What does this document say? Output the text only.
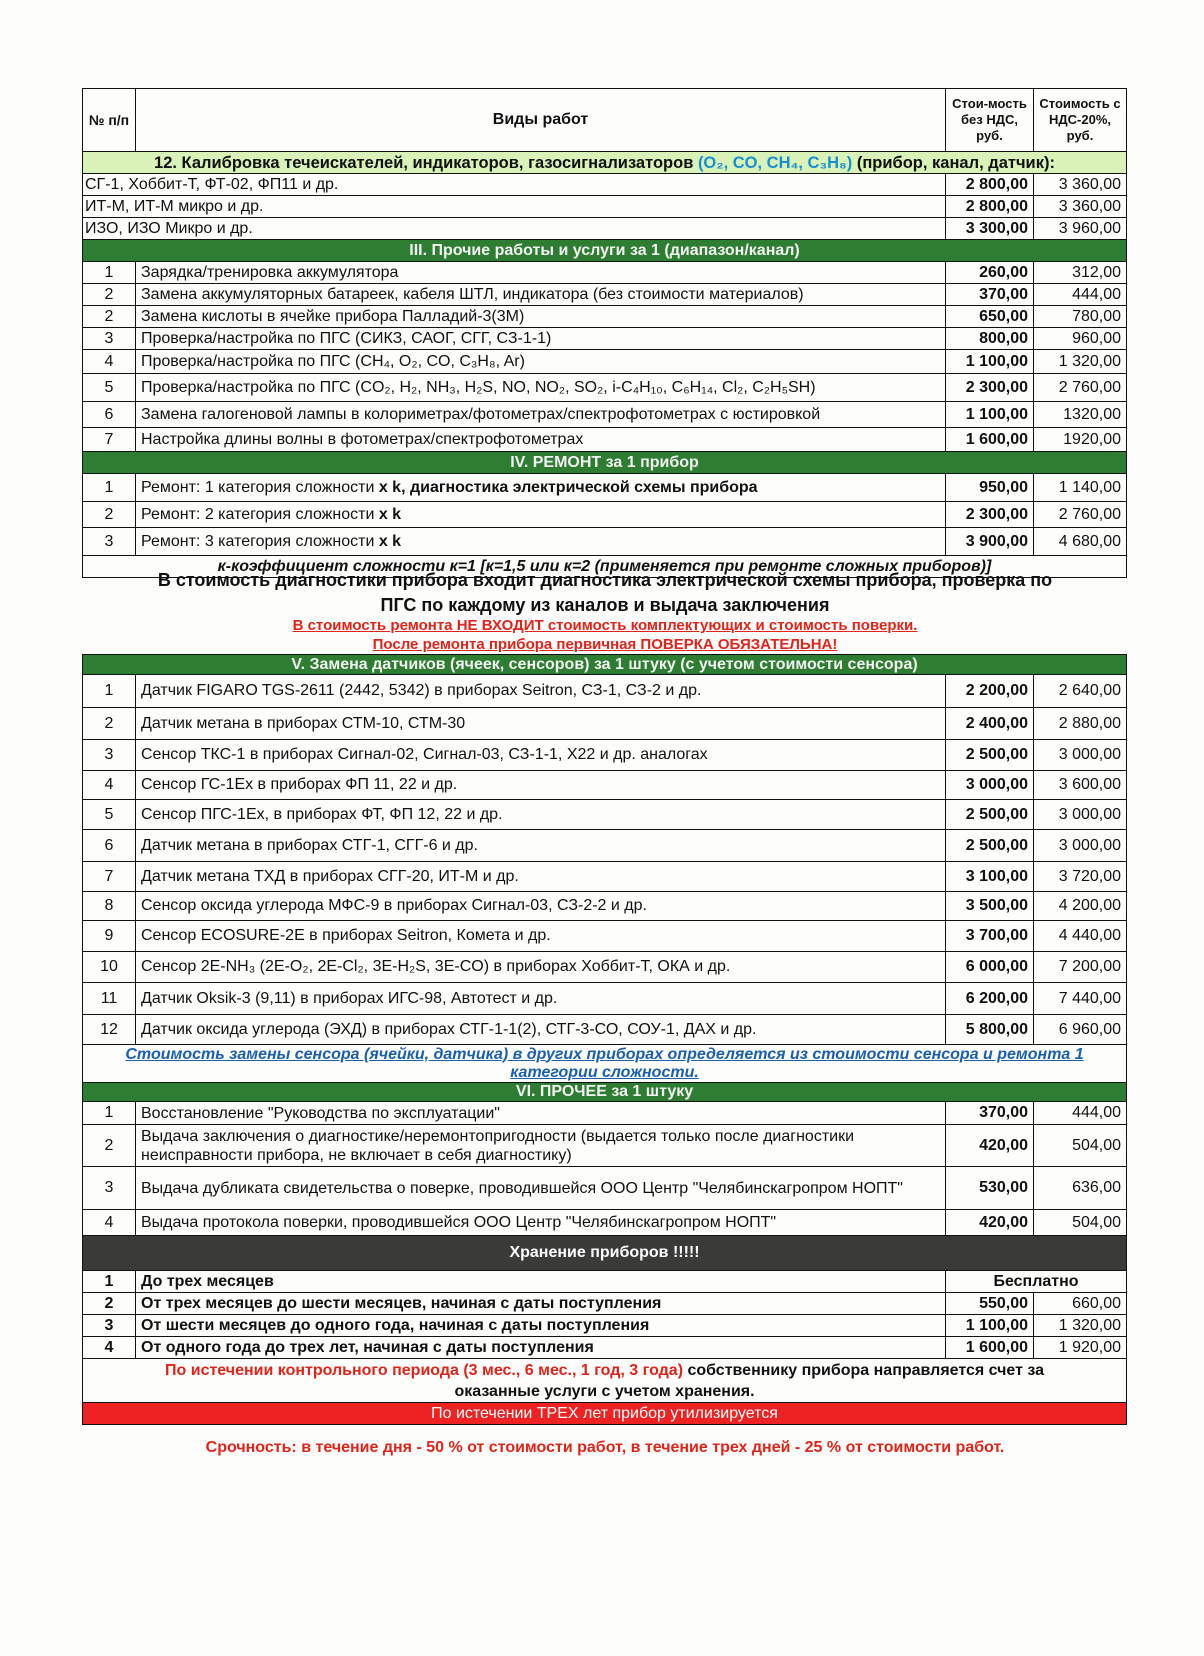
№ п/п	Виды работ	Стои-мость без НДС, руб.	Стоимость с НДС-20%, руб.
12. Калибровка течеискателей, индикаторов, газосигнализаторов (O₂, CO, CH₄, C₃H₈) (прибор, канал, датчик):			
СГ-1, Хоббит-Т, ФТ-02, ФП11 и др.		2 800,00	3 360,00
ИТ-М, ИТ-М микро и др.		2 800,00	3 360,00
ИЗО, ИЗО Микро и др.		3 300,00	3 960,00
III. Прочие работы и услуги за 1 (диапазон/канал)			
1	Зарядка/тренировка аккумулятора	260,00	312,00
2	Замена аккумуляторных батареек, кабеля ШТЛ, индикатора (без стоимости материалов)	370,00	444,00
2	Замена кислоты в ячейке прибора Палладий-3(3М)	650,00	780,00
3	Проверка/настройка по ПГС (СИКЗ, САОГ, СГГ, СЗ-1-1)	800,00	960,00
4	Проверка/настройка по ПГС (CH₄, O₂, CO, C₃H₈, Ar)	1 100,00	1 320,00
5	Проверка/настройка по ПГС (CO₂, H₂, NH₃, H₂S, NO, NO₂, SO₂, i-C₄H₁₀, C₆H₁₄, Cl₂, C₂H₅SH)	2 300,00	2 760,00
6	Замена галогеновой лампы в колориметрах/фотометрах/спектрофотометрах с юстировкой	1 100,00	1320,00
7	Настройка длины волны в фотометрах/спектрофотометрах	1 600,00	1920,00
IV. РЕМОНТ за 1 прибор			
1	Ремонт: 1 категория сложности x k, диагностика электрической схемы прибора	950,00	1 140,00
2	Ремонт: 2 категория сложности x k	2 300,00	2 760,00
3	Ремонт: 3 категория сложности x k	3 900,00	4 680,00
к-коэффициент сложности к=1 [к=1,5 или к=2 (применяется при ремонте сложных приборов)]			
В стоимость диагностики прибора входит диагностика электрической схемы прибора, проверка по
ПГС по каждому из каналов и выдача заключения
В стоимость ремонта НЕ ВХОДИТ стоимость комплектующих и стоимость поверки.
После ремонта прибора первичная ПОВЕРКА ОБЯЗАТЕЛЬНА!
V. Замена датчиков (ячеек, сенсоров) за 1 штуку (с учетом стоимости сенсора)			
1	Датчик FIGARO TGS-2611 (2442, 5342) в приборах Seitron, СЗ-1, СЗ-2 и др.	2 200,00	2 640,00
2	Датчик метана в приборах СТМ-10, СТМ-30	2 400,00	2 880,00
3	Сенсор ТКС-1 в приборах Сигнал-02, Сигнал-03, СЗ-1-1, Х22 и др. аналогах	2 500,00	3 000,00
4	Сенсор ГС-1Ех в приборах ФП 11, 22 и др.	3 000,00	3 600,00
5	Сенсор ПГС-1Ех, в приборах ФТ, ФП 12, 22 и др.	2 500,00	3 000,00
6	Датчик метана в приборах СТГ-1, СГГ-6 и др.	2 500,00	3 000,00
7	Датчик метана ТХД в приборах СГГ-20, ИТ-М и др.	3 100,00	3 720,00
8	Сенсор оксида углерода МФС-9 в приборах Сигнал-03, СЗ-2-2 и др.	3 500,00	4 200,00
9	Сенсор ECOSURE-2E в приборах Seitron, Комета и др.	3 700,00	4 440,00
10	Сенсор 2E-NH₃ (2E-O₂, 2E-Cl₂, 3E-H₂S, 3E-CO) в приборах Хоббит-Т, ОКА и др.	6 000,00	7 200,00
11	Датчик Oksik-3 (9,11) в приборах ИГС-98, Автотест и др.	6 200,00	7 440,00
12	Датчик оксида углерода (ЭХД) в приборах СТГ-1-1(2), СТГ-3-СО, СОУ-1, ДАХ и др.	5 800,00	6 960,00

Стоимость замены сенсора (ячейки, датчика) в других приборах определяется из стоимости сенсора и ремонта 1
категории сложности.			

VI. ПРОЧЕЕ за 1 штуку			
1	Восстановление "Руководства по эксплуатации"	370,00	444,00
2	Выдача заключения о диагностике/неремонтопригодности (выдается только после диагностики неисправности прибора, не включает в себя диагностику)	420,00	504,00
3	Выдача дубликата свидетельства о поверке, проводившейся ООО Центр "Челябинскагропром НОПТ"	530,00	636,00
4	Выдача протокола поверки, проводившейся ООО Центр "Челябинскагропром НОПТ"	420,00	504,00
Хранение приборов !!!!!			
1	До трех месяцев	Бесплатно	
2	От трех месяцев до шести месяцев, начиная с даты поступления	550,00	660,00
3	От шести месяцев до одного года, начиная с даты поступления	1 100,00	1 320,00
4	От одного года до трех лет, начиная с даты поступления	1 600,00	1 920,00

По истечении контрольного периода (3 мес., 6 мес., 1 год, 3 года) собственнику прибора направляется счет за
оказанные услуги с учетом хранения.			

По истечении ТРЕХ лет прибор утилизируется			
Срочность: в течение дня - 50 % от стоимости работ, в течение трех дней - 25 % от стоимости работ.
